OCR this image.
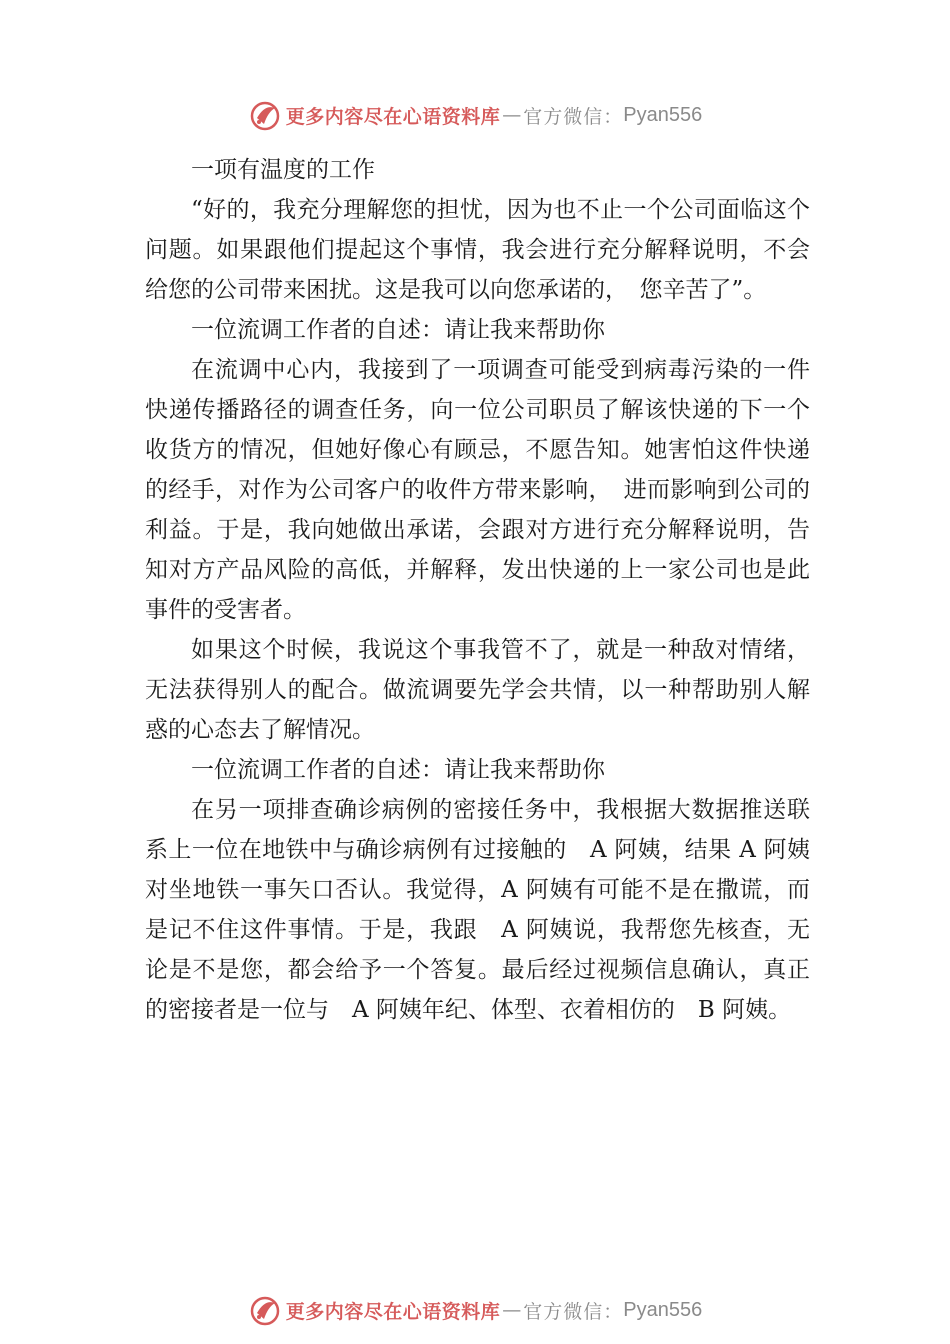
更多内容尽在心语资料库 — 官方微信： Pyan556

一项有温度的工作

“好的，我充分理解您的担忧，因为也不止一个公司面临这个问题。如果跟他们提起这个事情，我会进行充分解释说明，不会给您的公司带来困扰。这是我可以向您承诺的，　您辛苦了”。

一位流调工作者的自述：请让我来帮助你

在流调中心内，我接到了一项调查可能受到病毒污染的一件快递传播路径的调查任务，向一位公司职员了解该快递的下一个收货方的情况，但她好像心有顾忌，不愿告知。她害怕这件快递的经手，对作为公司客户的收件方带来影响，　进而影响到公司的利益。于是，我向她做出承诺，会跟对方进行充分解释说明，告知对方产品风险的高低，并解释，发出快递的上一家公司也是此事件的受害者。

如果这个时候，我说这个事我管不了，就是一种敌对情绪，无法获得别人的配合。做流调要先学会共情，以一种帮助别人解惑的心态去了解情况。

一位流调工作者的自述：请让我来帮助你

在另一项排查确诊病例的密接任务中，我根据大数据推送联系上一位在地铁中与确诊病例有过接触的　A 阿姨，结果 A 阿姨对坐地铁一事矢口否认。我觉得，A 阿姨有可能不是在撒谎，而是记不住这件事情。于是，我跟　A 阿姨说，我帮您先核查，无论是不是您，都会给予一个答复。最后经过视频信息确认，真正的密接者是一位与　A 阿姨年纪、体型、衣着相仿的　B 阿姨。

更多内容尽在心语资料库 — 官方微信： Pyan556
